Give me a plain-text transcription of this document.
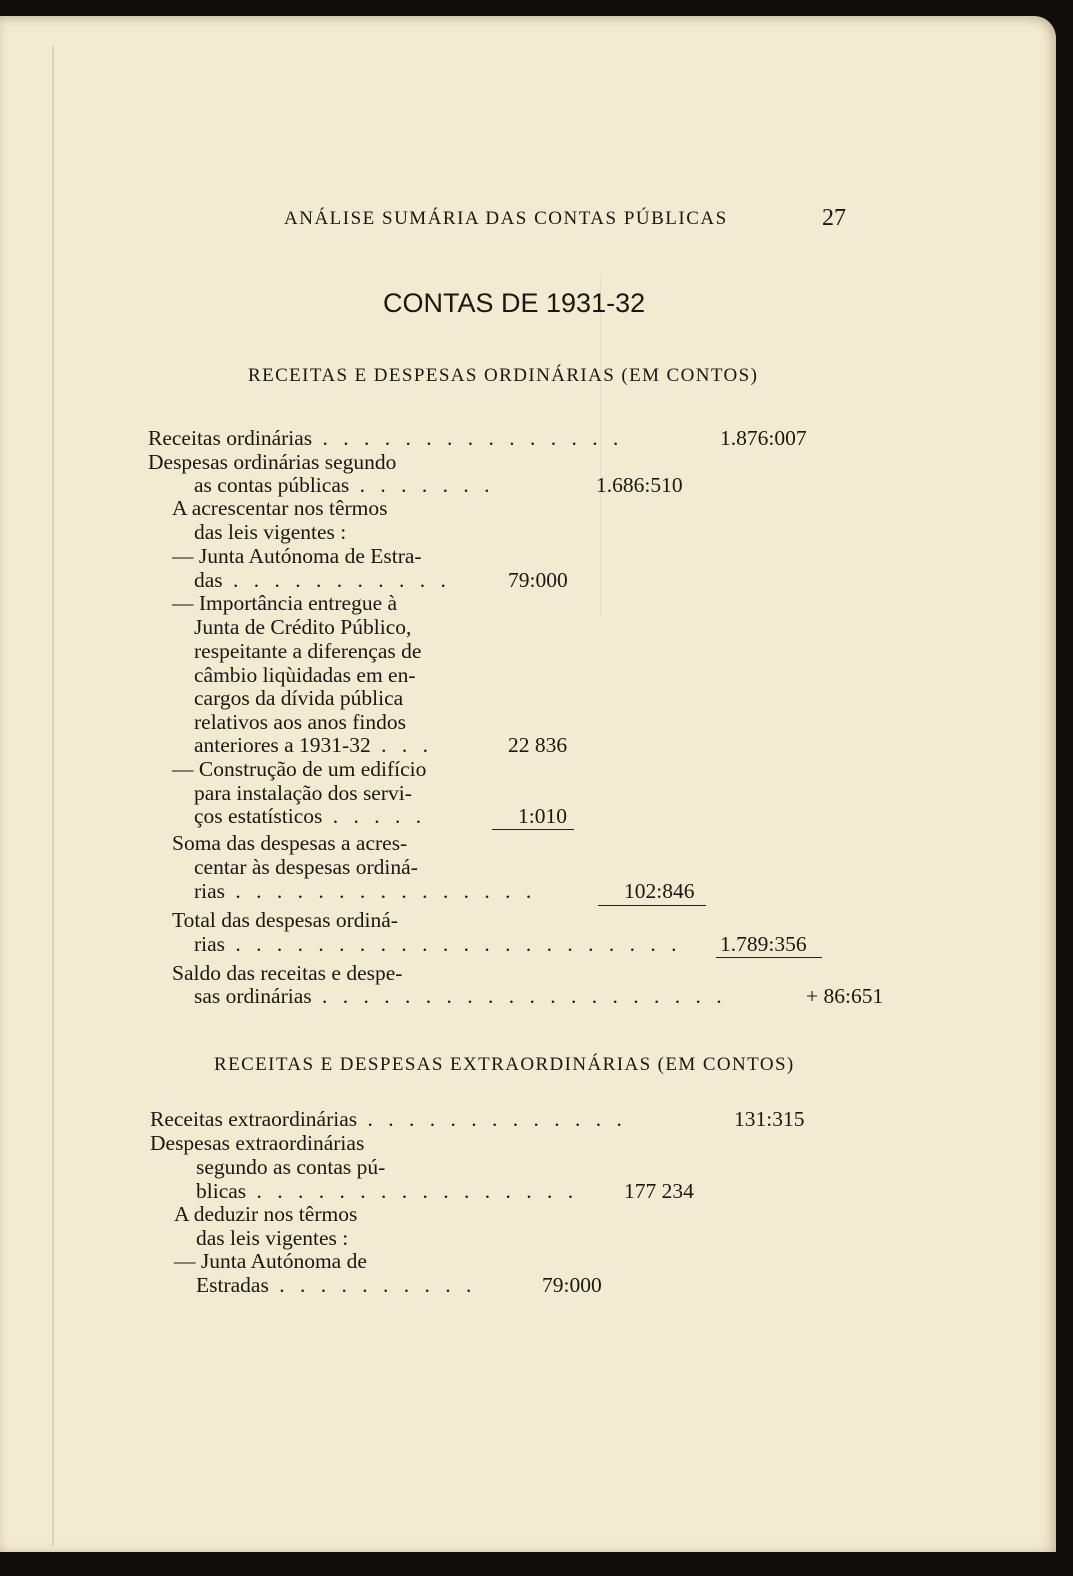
ANÁLISE SUMÁRIA DAS CONTAS PÚBLICAS	27
CONTAS DE 1931-32
RECEITAS E DESPESAS ORDINÁRIAS (EM CONTOS)
Receitas ordinárias . . . . . . . . . . . . . . .	1.876:007
Despesas ordinárias segundo
as contas públicas . . . . . . .	1.686:510
A acrescentar nos têrmos
das leis vigentes :
— Junta Autónoma de Estra-
das . . . . . . . . . . .	79:000
— Importância entregue à
Junta de Crédito Público,
respeitante a diferenças de
câmbio liqùidadas em en-
cargos da dívida pública
relativos aos anos findos
anteriores a 1931-32 . . .	22 836
— Construção de um edifício
para instalação dos servi-
ços estatísticos . . . . .	1:010
Soma das despesas a acres-
centar às despesas ordiná-
rias . . . . . . . . . . . . . . .	102:846
Total das despesas ordiná-
rias . . . . . . . . . . . . . . . . . . . . . . 1.789:356
Saldo das receitas e despe-
sas ordinárias . . . . . . . . . . . . . . . . . . . .	+ 86:651
RECEITAS E DESPESAS EXTRAORDINÁRIAS (EM CONTOS)
Receitas extraordinárias . . . . . . . . . . . . .	131:315
Despesas extraordinárias
segundo as contas pú-
blicas . . . . . . . . . . . . . . . . 177 234
A deduzir nos têrmos
das leis vigentes :
— Junta Autónoma de
Estradas . . . . . . . . . .	79:000
